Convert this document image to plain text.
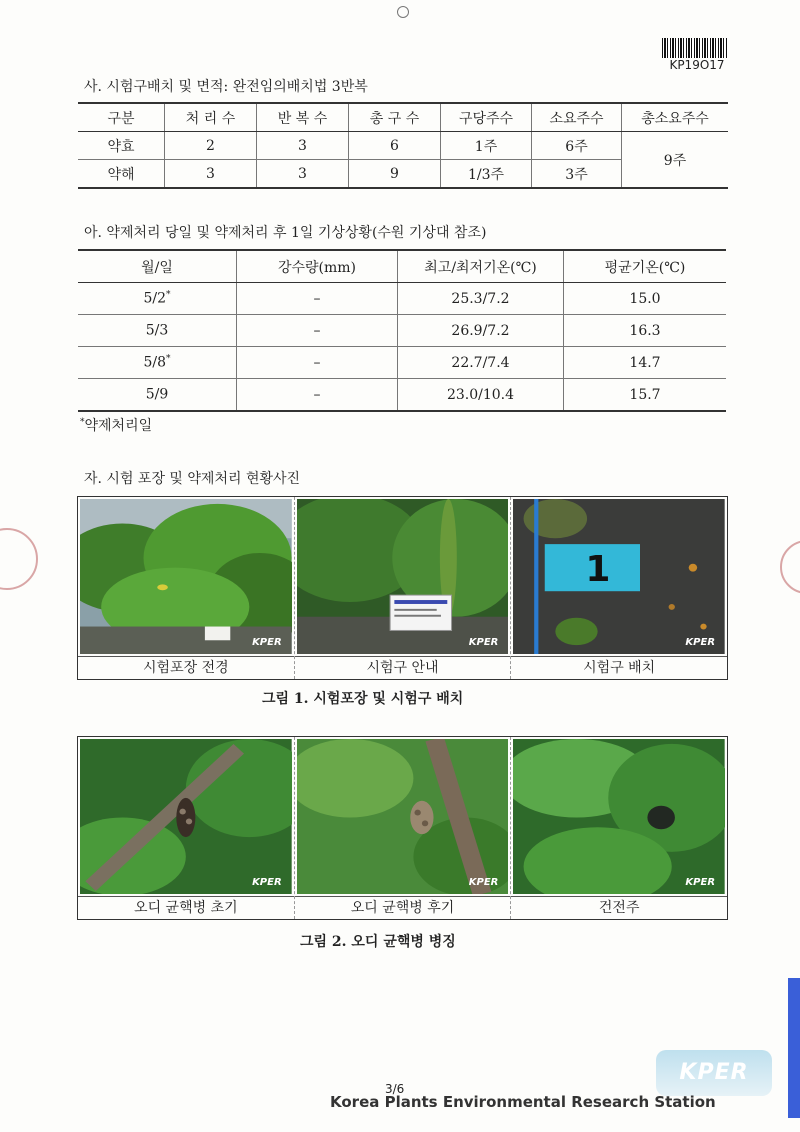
KP19O17
사. 시험구배치 및 면적: 완전임의배치법 3반복
구분	처 리 수	반 복 수	총 구 수	구당주수	소요주수	총소요주수
약효	2	3	6	1주	6주	9주
약해	3	3	9	1/3주	3주	
아. 약제처리 당일 및 약제처리 후 1일 기상상황(수원 기상대 참조)
월/일	강수량(mm)	최고/최저기온(℃)	평균기온(℃)
5/2*	–	25.3/7.2	15.0
5/3	–	26.9/7.2	16.3
5/8*	–	22.7/7.4	14.7
5/9	–	23.0/10.4	15.7
*약제처리일
자. 시험 포장 및 약제처리 현황사진
KPER
시험포장 전경
KPER
시험구 안내
1
KPER
시험구 배치
그림 1. 시험포장 및 시험구 배치
KPER
오디 균핵병 초기
KPER
오디 균핵병 후기
KPER
건전주
그림 2. 오디 균핵병 병징
KPER
3/6
Korea Plants Environmental Research Station
